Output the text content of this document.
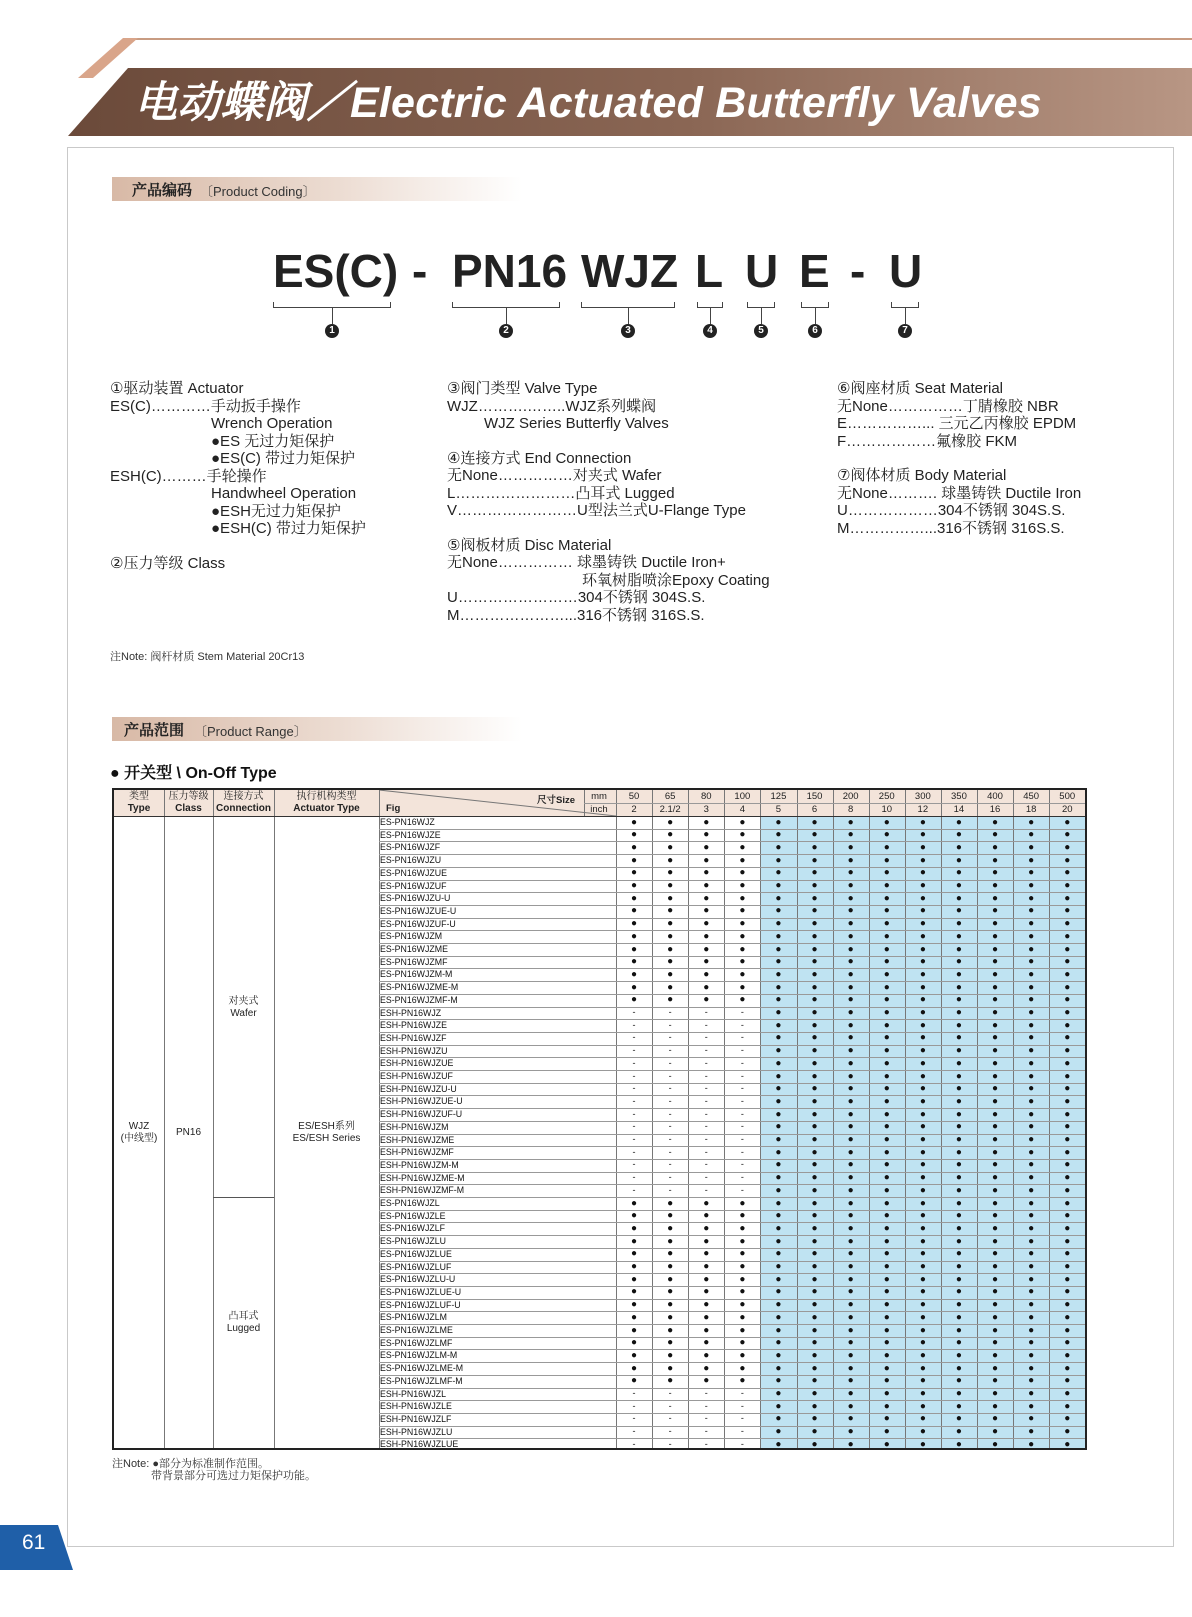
电动蝶阀／Electric Actuated Butterfly Valves
产品编码 〔Product Coding〕
ES(C) - PN16 WJZ L U E - U
1	2	3	4	5	6	7
①驱动装置 Actuator
ES(C)…………手动扳手操作
Wrench Operation
●ES 无过力矩保护
●ES(C) 带过力矩保护
ESH(C)………手轮操作
Handwheel Operation
●ESH无过力矩保护
●ESH(C) 带过力矩保护
②压力等级 Class
③阀门类型 Valve Type
WJZ……….……..WJZ系列蝶阀
WJZ Series Butterfly Valves
④连接方式 End Connection
无None……………对夹式 Wafer
L……………………凸耳式 Lugged
V……………………U型法兰式U-Flange Type
⑤阀板材质 Disc Material
无None…………… 球墨铸铁 Ductile Iron+
环氧树脂喷涂Epoxy Coating
U……………………304不锈钢 304S.S.
M…………………...316不锈钢 316S.S.
⑥阀座材质 Seat Material
无None……………丁腈橡胶 NBR
E……………... 三元乙丙橡胶 EPDM
F………………氟橡胶 FKM
⑦阀体材质 Body Material
无None………. 球墨铸铁 Ductile Iron
U………………304不锈钢 304S.S.
M……………...316不锈钢 316S.S.
注Note: 阀杆材质 Stem Material 20Cr13
产品范围 〔Product Range〕
● 开关型 \ On-Off Type
类型
Type
压力等级
Class
连接方式
Connection
执行机构类型
Actuator Type	Fig
尺寸Size	mm
inch
WJZ
(中线型)
PN16
对夹式
Wafer
凸耳式
Lugged
ES/ESH系列
ES/ESH Series
50
2
65
2.1/2
80
3
100
4
125
5
150
6
200
8
250
10
300
12
350
14
400
16
450
18
500
20
ES-PN16WJZ	●	●	●	●	●	●	●	●	●	●	●	●	●
ES-PN16WJZE	●	●	●	●	●	●	●	●	●	●	●	●	●
ES-PN16WJZF	●	●	●	●	●	●	●	●	●	●	●	●	●
ES-PN16WJZU	●	●	●	●	●	●	●	●	●	●	●	●	●
ES-PN16WJZUE	●	●	●	●	●	●	●	●	●	●	●	●	●
ES-PN16WJZUF	●	●	●	●	●	●	●	●	●	●	●	●	●
ES-PN16WJZU-U	●	●	●	●	●	●	●	●	●	●	●	●	●
ES-PN16WJZUE-U	●	●	●	●	●	●	●	●	●	●	●	●	●
ES-PN16WJZUF-U	●	●	●	●	●	●	●	●	●	●	●	●	●
ES-PN16WJZM	●	●	●	●	●	●	●	●	●	●	●	●	●
ES-PN16WJZME	●	●	●	●	●	●	●	●	●	●	●	●	●
ES-PN16WJZMF	●	●	●	●	●	●	●	●	●	●	●	●	●
ES-PN16WJZM-M	●	●	●	●	●	●	●	●	●	●	●	●	●
ES-PN16WJZME-M	●	●	●	●	●	●	●	●	●	●	●	●	●
ES-PN16WJZMF-M	●	●	●	●	●	●	●	●	●	●	●	●	●
ESH-PN16WJZ	-	-	-	-	●	●	●	●	●	●	●	●	●
ESH-PN16WJZE	-	-	-	-	●	●	●	●	●	●	●	●	●
ESH-PN16WJZF	-	-	-	-	●	●	●	●	●	●	●	●	●
ESH-PN16WJZU	-	-	-	-	●	●	●	●	●	●	●	●	●
ESH-PN16WJZUE	-	-	-	-	●	●	●	●	●	●	●	●	●
ESH-PN16WJZUF	-	-	-	-	●	●	●	●	●	●	●	●	●
ESH-PN16WJZU-U	-	-	-	-	●	●	●	●	●	●	●	●	●
ESH-PN16WJZUE-U	-	-	-	-	●	●	●	●	●	●	●	●	●
ESH-PN16WJZUF-U	-	-	-	-	●	●	●	●	●	●	●	●	●
ESH-PN16WJZM	-	-	-	-	●	●	●	●	●	●	●	●	●
ESH-PN16WJZME	-	-	-	-	●	●	●	●	●	●	●	●	●
ESH-PN16WJZMF	-	-	-	-	●	●	●	●	●	●	●	●	●
ESH-PN16WJZM-M	-	-	-	-	●	●	●	●	●	●	●	●	●
ESH-PN16WJZME-M	-	-	-	-	●	●	●	●	●	●	●	●	●
ESH-PN16WJZMF-M	-	-	-	-	●	●	●	●	●	●	●	●	●
ES-PN16WJZL	●	●	●	●	●	●	●	●	●	●	●	●	●
ES-PN16WJZLE	●	●	●	●	●	●	●	●	●	●	●	●	●
ES-PN16WJZLF	●	●	●	●	●	●	●	●	●	●	●	●	●
ES-PN16WJZLU	●	●	●	●	●	●	●	●	●	●	●	●	●
ES-PN16WJZLUE	●	●	●	●	●	●	●	●	●	●	●	●	●
ES-PN16WJZLUF	●	●	●	●	●	●	●	●	●	●	●	●	●
ES-PN16WJZLU-U	●	●	●	●	●	●	●	●	●	●	●	●	●
ES-PN16WJZLUE-U	●	●	●	●	●	●	●	●	●	●	●	●	●
ES-PN16WJZLUF-U	●	●	●	●	●	●	●	●	●	●	●	●	●
ES-PN16WJZLM	●	●	●	●	●	●	●	●	●	●	●	●	●
ES-PN16WJZLME	●	●	●	●	●	●	●	●	●	●	●	●	●
ES-PN16WJZLMF	●	●	●	●	●	●	●	●	●	●	●	●	●
ES-PN16WJZLM-M	●	●	●	●	●	●	●	●	●	●	●	●	●
ES-PN16WJZLME-M	●	●	●	●	●	●	●	●	●	●	●	●	●
ES-PN16WJZLMF-M	●	●	●	●	●	●	●	●	●	●	●	●	●
ESH-PN16WJZL	-	-	-	-	●	●	●	●	●	●	●	●	●
ESH-PN16WJZLE	-	-	-	-	●	●	●	●	●	●	●	●	●
ESH-PN16WJZLF	-	-	-	-	●	●	●	●	●	●	●	●	●
ESH-PN16WJZLU	-	-	-	-	●	●	●	●	●	●	●	●	●
ESH-PN16WJZLUE	-	-	-	-	●	●	●	●	●	●	●	●	●
注Note: ●部分为标准制作范围。
带背景部分可选过力矩保护功能。
61
